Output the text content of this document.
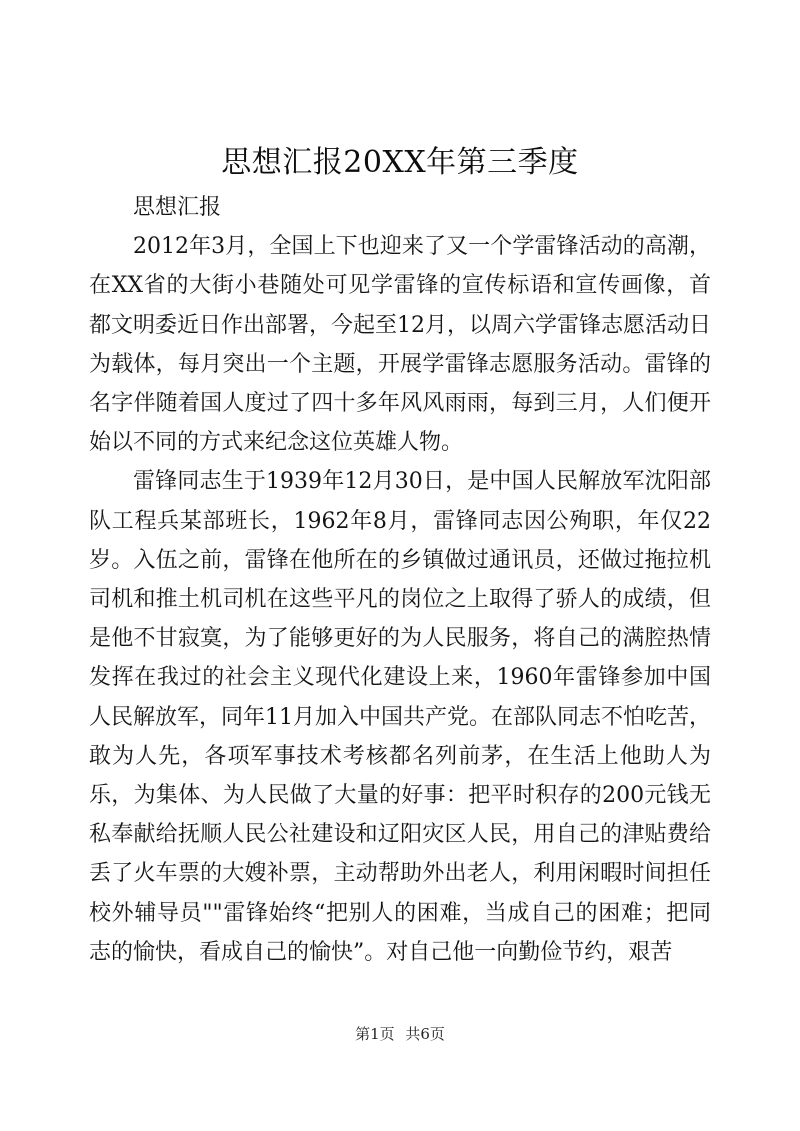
思想汇报20XX年第三季度

思想汇报

2012年3月，全国上下也迎来了又一个学雷锋活动的高潮，在XX省的大街小巷随处可见学雷锋的宣传标语和宣传画像，首都文明委近日作出部署，今起至12月，以周六学雷锋志愿活动日为载体，每月突出一个主题，开展学雷锋志愿服务活动。雷锋的名字伴随着国人度过了四十多年风风雨雨，每到三月，人们便开始以不同的方式来纪念这位英雄人物。

雷锋同志生于1939年12月30日，是中国人民解放军沈阳部队工程兵某部班长，1962年8月，雷锋同志因公殉职，年仅22岁。入伍之前，雷锋在他所在的乡镇做过通讯员，还做过拖拉机司机和推土机司机在这些平凡的岗位之上取得了骄人的成绩，但是他不甘寂寞，为了能够更好的为人民服务，将自己的满腔热情发挥在我过的社会主义现代化建设上来，1960年雷锋参加中国人民解放军，同年11月加入中国共产党。在部队同志不怕吃苦，敢为人先，各项军事技术考核都名列前茅，在生活上他助人为乐，为集体、为人民做了大量的好事：把平时积存的200元钱无私奉献给抚顺人民公社建设和辽阳灾区人民，用自己的津贴费给丢了火车票的大嫂补票，主动帮助外出老人，利用闲暇时间担任校外辅导员""雷锋始终“把别人的困难，当成自己的困难；把同志的愉快，看成自己的愉快”。对自己他一向勤俭节约，艰苦

第1页 共6页
